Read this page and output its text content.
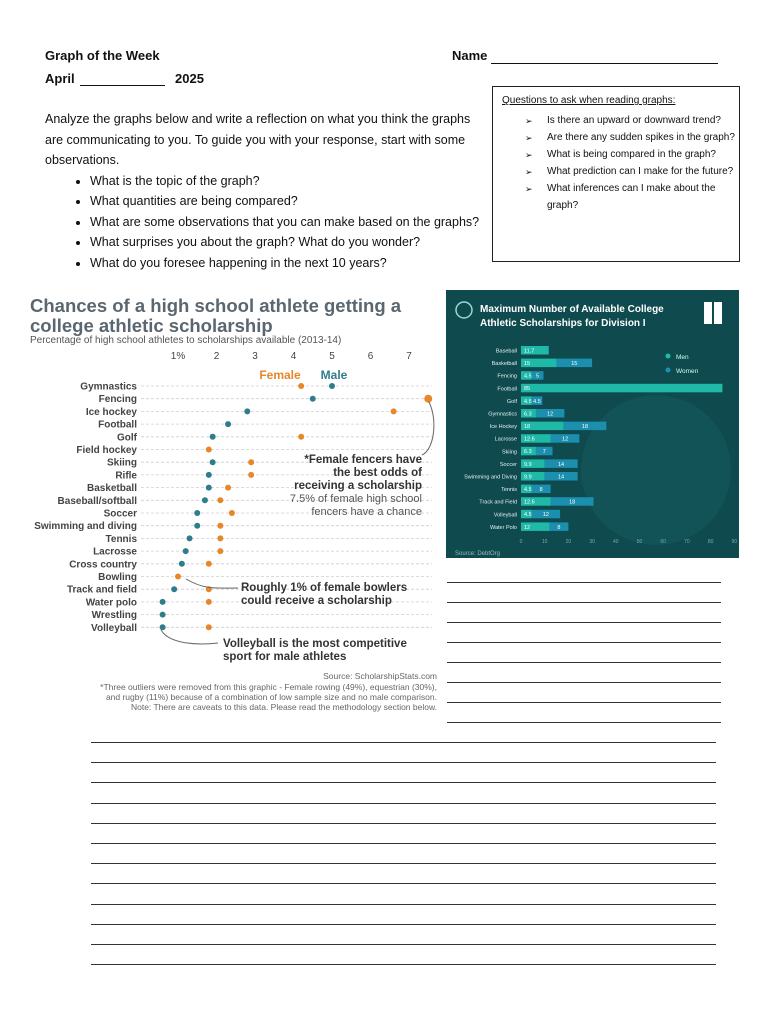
Graph of the Week	Name
April	2025
Analyze the graphs below and write a reflection on what you think the graphs are communicating to you. To guide you with your response, start with some observations.
• What is the topic of the graph?
• What quantities are being compared?
• What are some observations that you can make based on the graphs?
• What surprises you about the graph? What do you wonder?
• What do you foresee happening in the next 10 years?
Questions to ask when reading graphs:
➢ Is there an upward or downward trend?
➢ Are there any sudden spikes in the graph?
➢ What is being compared in the graph?
➢ What prediction can I make for the future?
➢ What inferences can I make about the graph?
Chances of a high school athlete getting a
college athletic scholarship
Percentage of high school athletes to scholarships available (2013-14)
1%	2	3	4	5	6	7
Female Male
Gymnastics
Fencing
Ice hockey
Football
Golf
Field hockey
Skiing
Rifle
Basketball
Baseball/softball
Soccer
Swimming and diving
Tennis
Lacrosse
Cross country
Bowling
Track and field
Water polo
Wrestling
Volleyball
*Female fencers have
the best odds of
receiving a scholarship
7.5% of female high school
fencers have a chance
Roughly 1% of female bowlers
could receive a scholarship
Volleyball is the most competitive
sport for male athletes
Source: ScholarshipStats.com
*Three outliers were removed from this graphic - Female rowing (49%), equestrian (30%),
and rugby (11%) because of a combination of low sample size and no male comparison.
Note: There are caveats to this data. Please read the methodology section below.
Maximum Number of Available College
Athletic Scholarships for Division I
Baseball 11.7
Basketball 15	15
Fencing 4.5 5
Football 85
Golf 4.5 4.5
Gymnastics 6.3	12
Ice Hockey 18	18
Lacrosse 12.6	12
Skiing 6.3 7
Soccer 9.9	14
Swimming and Diving 9.9	14
Tennis 4.5 8
Track and Field 12.6	18
Volleyball 4.5 12
Water Polo 12	8
0	10	20	30	40	50	60	70	80	90
Men
Women
Source: DebtOrg
